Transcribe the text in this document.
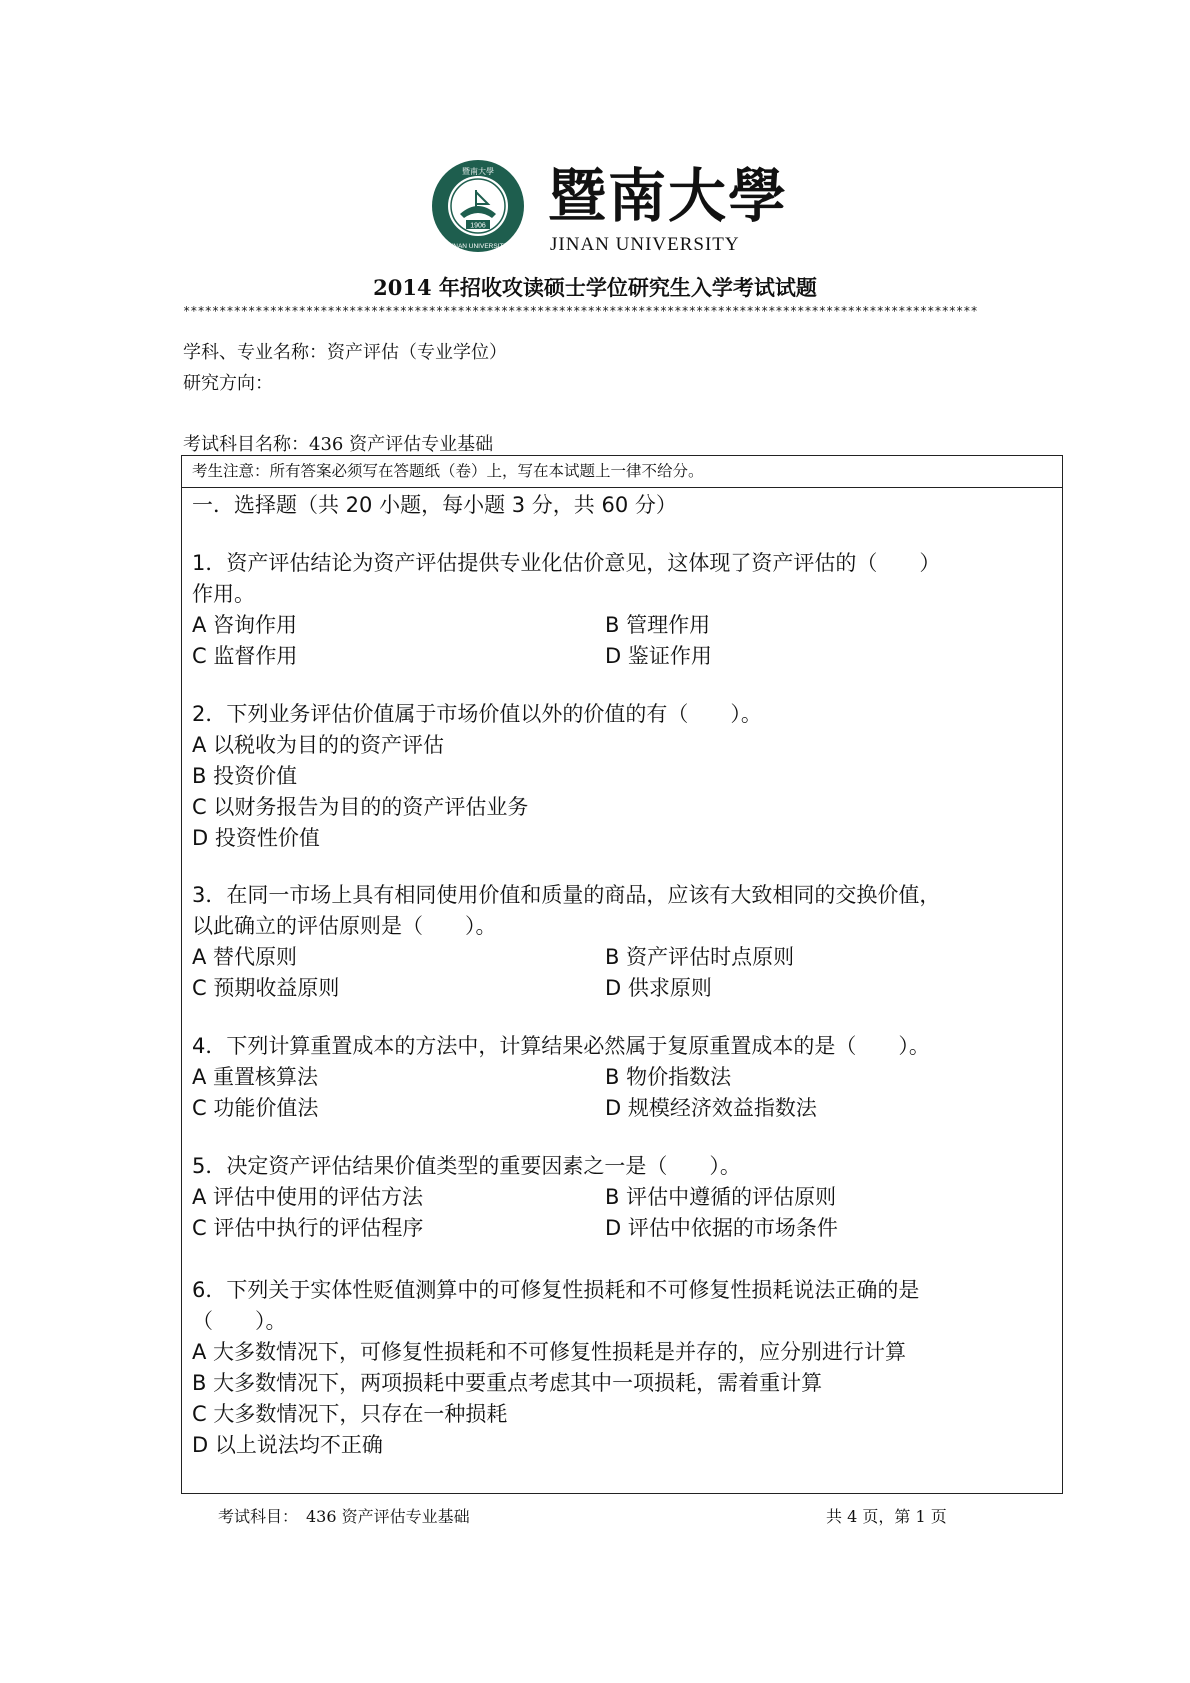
1906
暨南大學
JINAN UNIVERSITY
暨南大學
JINAN UNIVERSITY
2014 年招收攻读硕士学位研究生入学考试试题
**************************************************************************************************************
学科、专业名称：资产评估（专业学位）
研究方向：
考试科目名称：436 资产评估专业基础
考生注意：所有答案必须写在答题纸（卷）上，写在本试题上一律不给分。
一．选择题（共 20 小题，每小题 3 分，共 60 分）
1．资产评估结论为资产评估提供专业化估价意见，这体现了资产评估的（　　）
作用。
A 咨询作用	B 管理作用
C 监督作用	D 鉴证作用
2．下列业务评估价值属于市场价值以外的价值的有（　　）。
A 以税收为目的的资产评估
B 投资价值
C 以财务报告为目的的资产评估业务
D 投资性价值
3．在同一市场上具有相同使用价值和质量的商品，应该有大致相同的交换价值，
以此确立的评估原则是（　　）。
A 替代原则	B 资产评估时点原则
C 预期收益原则	D 供求原则
4．下列计算重置成本的方法中，计算结果必然属于复原重置成本的是（　　）。
A 重置核算法	B 物价指数法
C 功能价值法	D 规模经济效益指数法
5．决定资产评估结果价值类型的重要因素之一是（　　）。
A 评估中使用的评估方法	B 评估中遵循的评估原则
C 评估中执行的评估程序	D 评估中依据的市场条件
6．下列关于实体性贬值测算中的可修复性损耗和不可修复性损耗说法正确的是
（　　）。
A 大多数情况下，可修复性损耗和不可修复性损耗是并存的，应分别进行计算
B 大多数情况下，两项损耗中要重点考虑其中一项损耗，需着重计算
C 大多数情况下，只存在一种损耗
D 以上说法均不正确
考试科目：　436 资产评估专业基础	共 4 页，第 1 页
